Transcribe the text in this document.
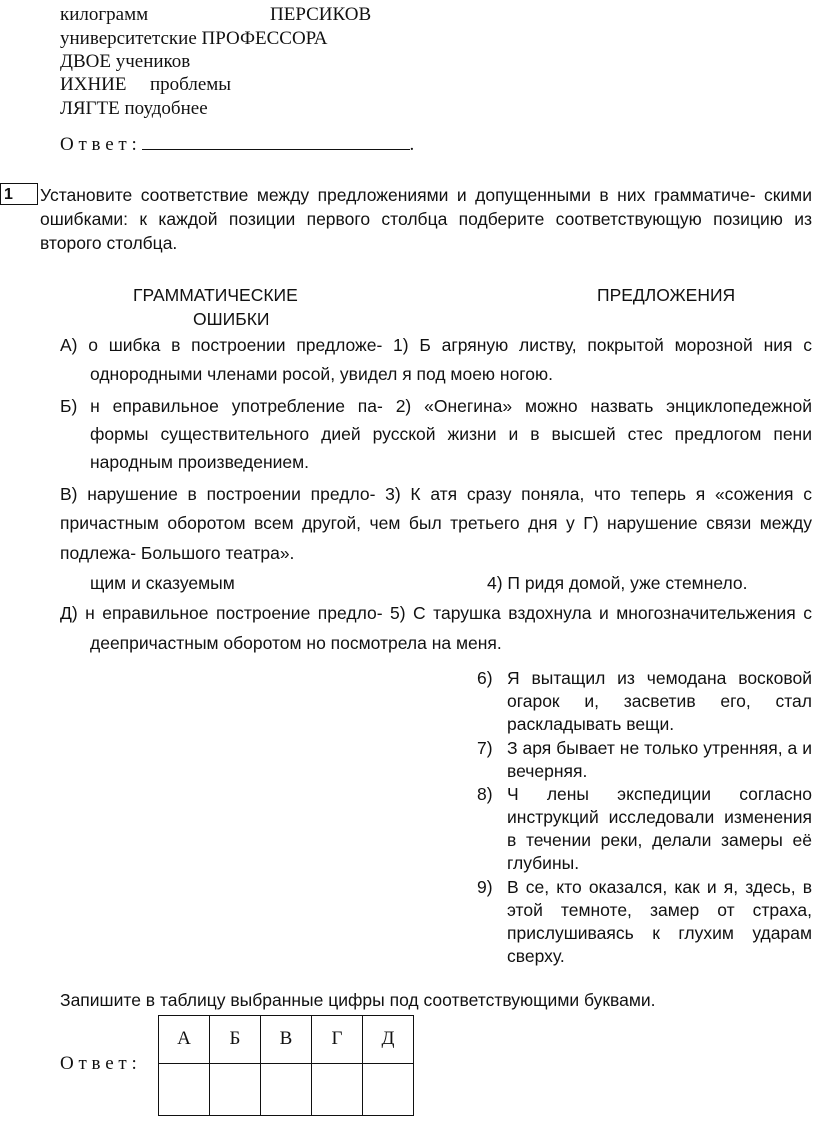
килограмм	ПЕРСИКОВ
университетские ПРОФЕССОРА
ДВОЕ учеников
ИХНИЕ проблемы
ЛЯГТЕ поудобнее
О т в е т :	.
1	Установите соответствие между предложениями и допущенными в них грамматиче- скими ошибками: к каждой позиции первого столбца подберите соответствующую позицию из второго столбца.
ГРАММАТИЧЕСКИЕ
ОШИБКИ
ПРЕДЛОЖЕНИЯ
А) о шибка в построении предложе- 1) Б агряную листву, покрытой морозной ния с
однородными членами росой, увидел я под моею ногою.
Б) н еправильное употребление па- 2) «Онегина» можно назвать энциклопедежной
формы существительного дией русской жизни и в высшей стес предлогом пени
народным произведением.
В) нарушение в построении предло- 3) К атя сразу поняла, что теперь я «сожения с
причастным оборотом всем другой, чем был третьего дня у Г) нарушение связи между
подлежа- Большого театра».
щим и сказуемым	4) П ридя домой, уже стемнело.
Д) н еправильное построение предло- 5) С тарушка вздохнула и многозначительжения с
деепричастным оборотом но посмотрела на меня.
6) Я вытащил из чемодана восковой огарок и, засветив его, стал раскладывать вещи.
7) З аря бывает не только утренняя, а и вечерняя.
8) Ч лены экспедиции согласно инструкций исследовали изменения в течении реки, делали замеры её глубины.
9) В се, кто оказался, как и я, здесь, в этой темноте, замер от страха, прислушиваясь к глухим ударам сверху.
Запишите в таблицу выбранные цифры под соответствующими буквами.
О т в е т :
А	Б	В	Г	Д
